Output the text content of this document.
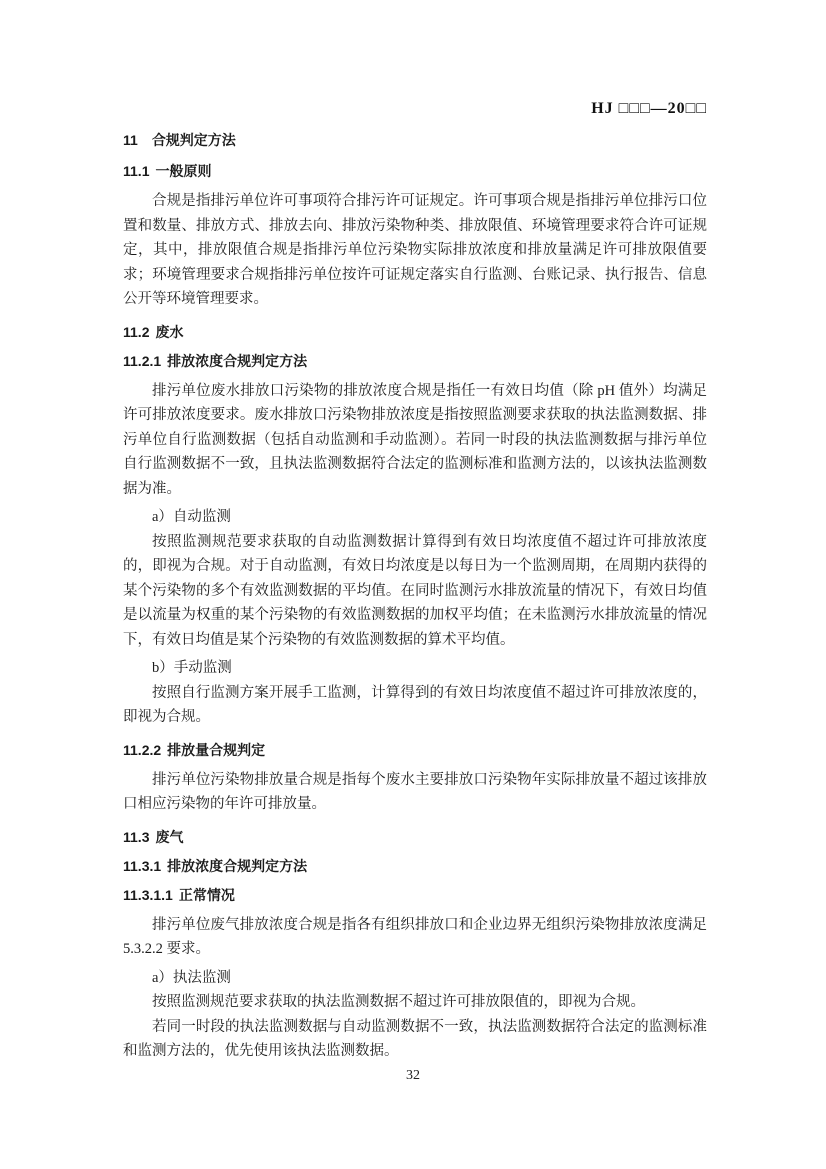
HJ □□□—20□□
11 合规判定方法
11.1 一般原则

合规是指排污单位许可事项符合排污许可证规定。许可事项合规是指排污单位排污口位置和数量、排放方式、排放去向、排放污染物种类、排放限值、环境管理要求符合许可证规定，其中，排放限值合规是指排污单位污染物实际排放浓度和排放量满足许可排放限值要求；环境管理要求合规指排污单位按许可证规定落实自行监测、台账记录、执行报告、信息公开等环境管理要求。

11.2 废水
11.2.1 排放浓度合规判定方法

排污单位废水排放口污染物的排放浓度合规是指任一有效日均值（除 pH 值外）均满足许可排放浓度要求。废水排放口污染物排放浓度是指按照监测要求获取的执法监测数据、排污单位自行监测数据（包括自动监测和手动监测）。若同一时段的执法监测数据与排污单位自行监测数据不一致，且执法监测数据符合法定的监测标准和监测方法的，以该执法监测数据为准。

a）自动监测

按照监测规范要求获取的自动监测数据计算得到有效日均浓度值不超过许可排放浓度的，即视为合规。对于自动监测，有效日均浓度是以每日为一个监测周期，在周期内获得的某个污染物的多个有效监测数据的平均值。在同时监测污水排放流量的情况下，有效日均值是以流量为权重的某个污染物的有效监测数据的加权平均值；在未监测污水排放流量的情况下，有效日均值是某个污染物的有效监测数据的算术平均值。

b）手动监测

按照自行监测方案开展手工监测，计算得到的有效日均浓度值不超过许可排放浓度的，即视为合规。

11.2.2 排放量合规判定

排污单位污染物排放量合规是指每个废水主要排放口污染物年实际排放量不超过该排放口相应污染物的年许可排放量。

11.3 废气
11.3.1 排放浓度合规判定方法
11.3.1.1 正常情况

排污单位废气排放浓度合规是指各有组织排放口和企业边界无组织污染物排放浓度满足 5.3.2.2 要求。

a）执法监测

按照监测规范要求获取的执法监测数据不超过许可排放限值的，即视为合规。

若同一时段的执法监测数据与自动监测数据不一致，执法监测数据符合法定的监测标准和监测方法的，优先使用该执法监测数据。

32
